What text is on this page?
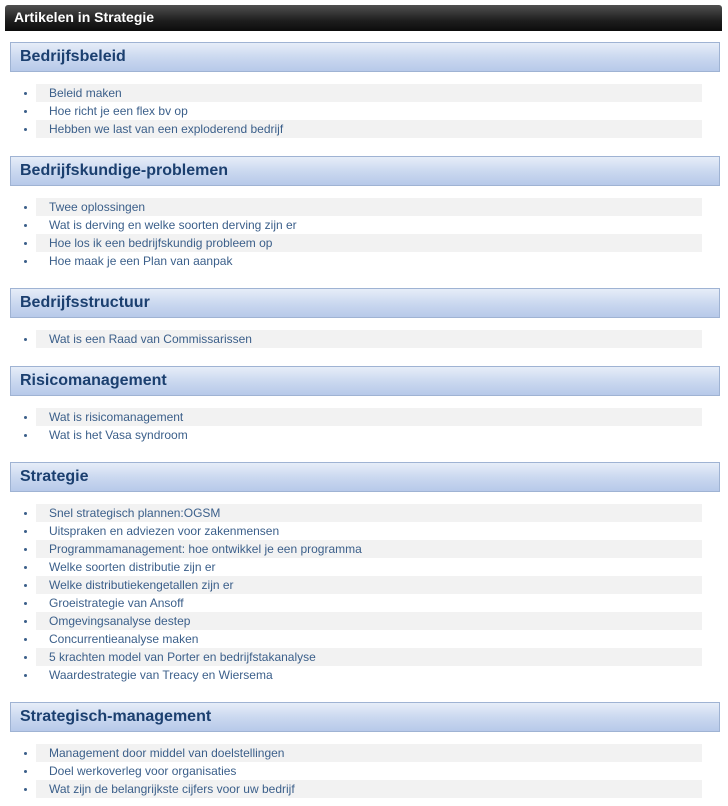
Artikelen in Strategie
Bedrijfsbeleid
Beleid maken
Hoe richt je een flex bv op
Hebben we last van een exploderend bedrijf
Bedrijfskundige-problemen
Twee oplossingen
Wat is derving en welke soorten derving zijn er
Hoe los ik een bedrijfskundig probleem op
Hoe maak je een Plan van aanpak
Bedrijfsstructuur
Wat is een Raad van Commissarissen
Risicomanagement
Wat is risicomanagement
Wat is het Vasa syndroom
Strategie
Snel strategisch plannen:OGSM
Uitspraken en adviezen voor zakenmensen
Programmamanagement: hoe ontwikkel je een programma
Welke soorten distributie zijn er
Welke distributiekengetallen zijn er
Groeistrategie van Ansoff
Omgevingsanalyse destep
Concurrentieanalyse maken
5 krachten model van Porter en bedrijfstakanalyse
Waardestrategie van Treacy en Wiersema
Strategisch-management
Management door middel van doelstellingen
Doel werkoverleg voor organisaties
Wat zijn de belangrijkste cijfers voor uw bedrijf
